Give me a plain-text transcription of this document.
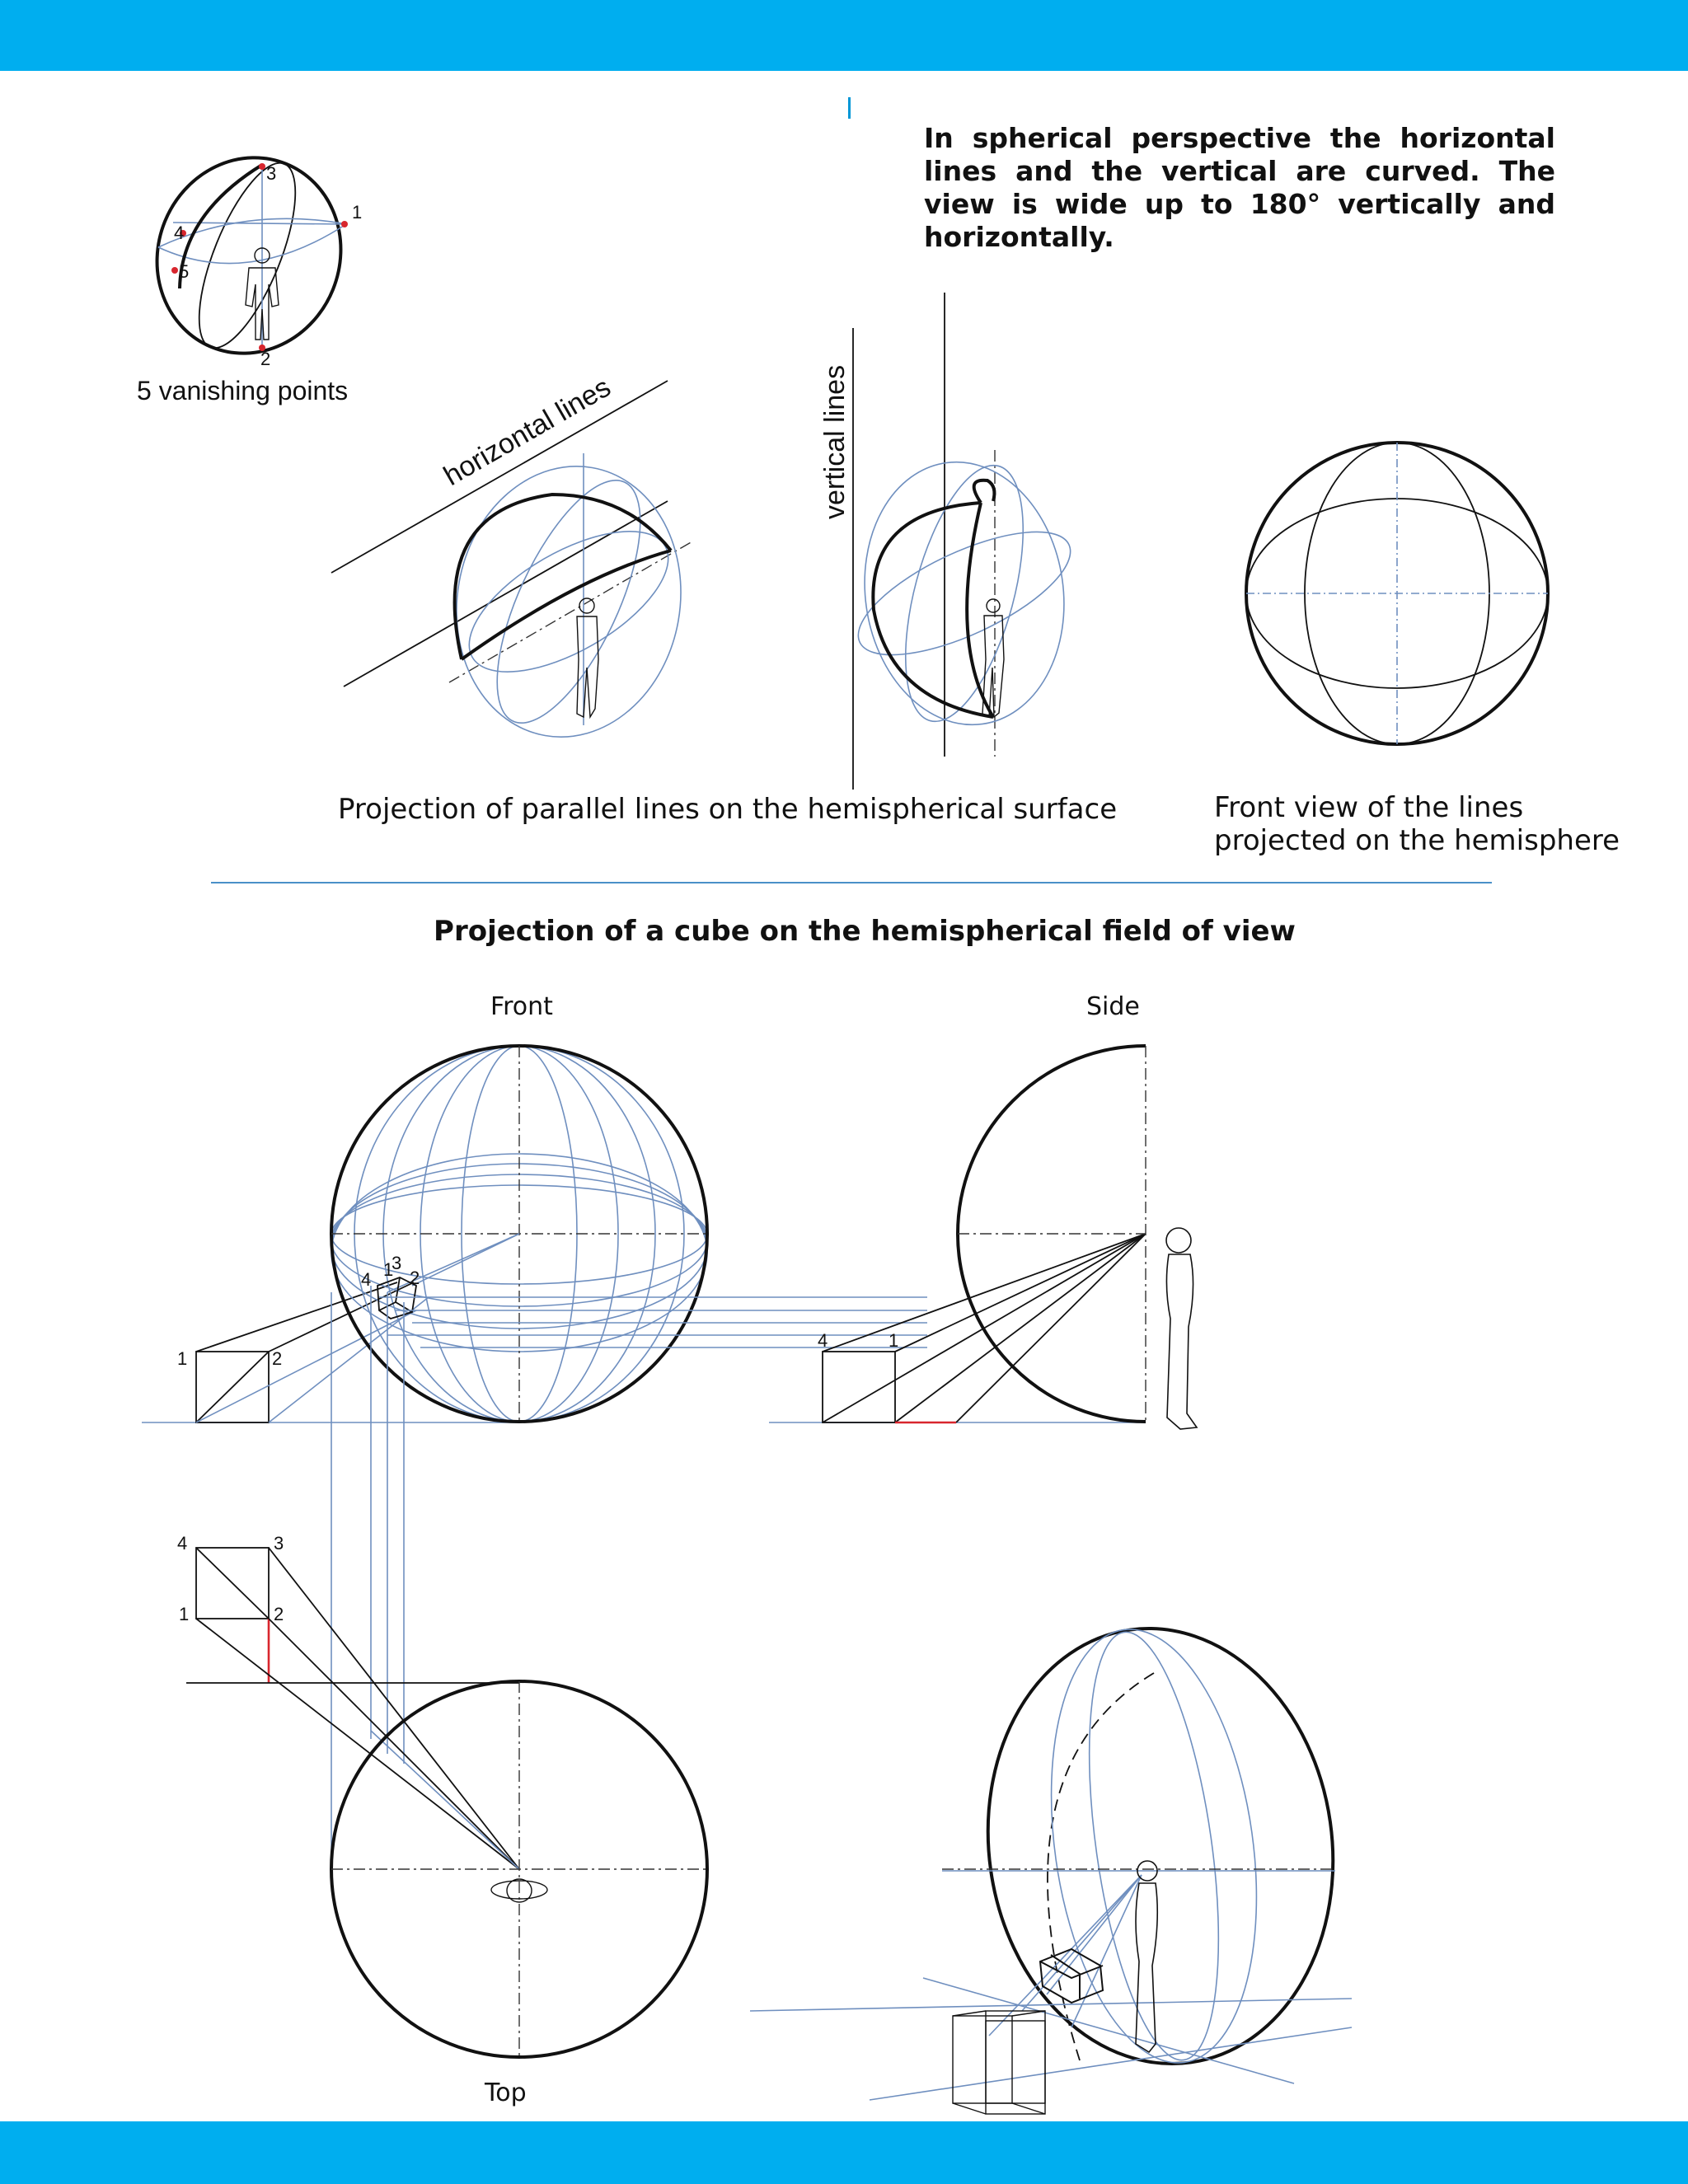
In spherical perspective the horizontal lines and the vertical are curved. The view is wide up to 180° vertically and horizontally.

5 vanishing points
Projection of parallel lines on the hemispherical surface	Front view of the lines projected on the hemisphere
Projection of a cube on the hemispherical field of view
Front	Side
Top
1
2
3
4
5
horizontal lines	vertical lines
1	2
1 2
3
4
4	1
4	3
1	2
